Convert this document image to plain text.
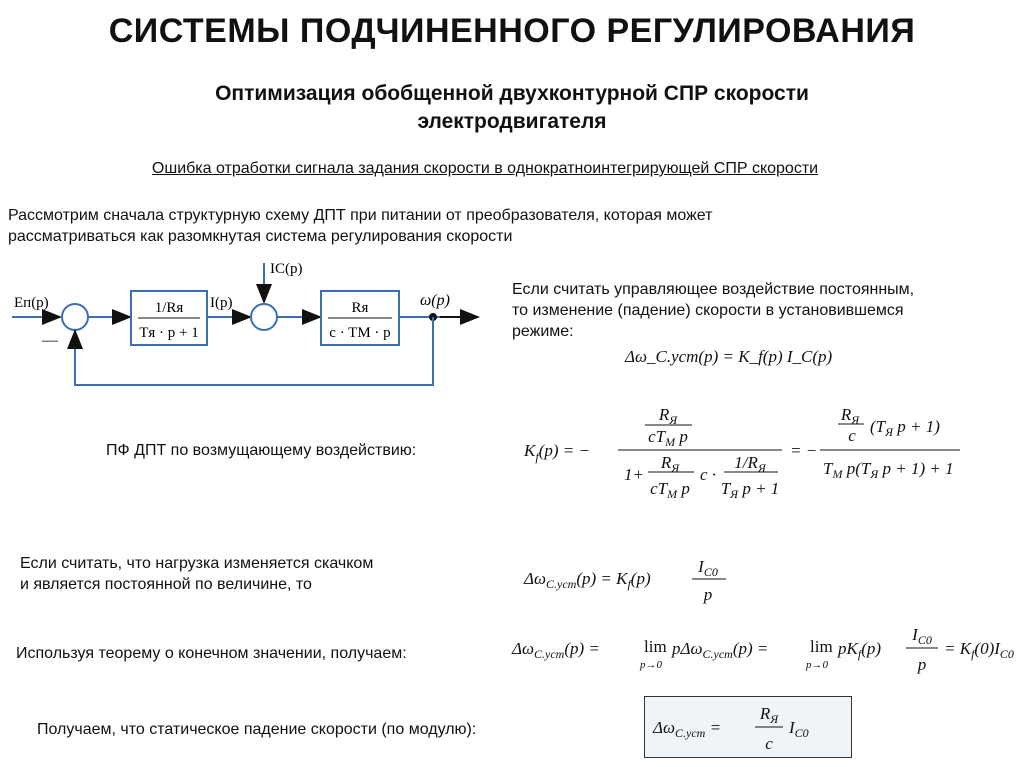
СИСТЕМЫ ПОДЧИНЕННОГО РЕГУЛИРОВАНИЯ
Оптимизация обобщенной двухконтурной СПР скорости
электродвигателя
Ошибка отработки сигнала задания скорости в однократноинтегрирующей СПР скорости
Рассмотрим сначала структурную схему ДПТ при питании от преобразователя, которая может
рассматриваться как разомкнутая система регулирования скорости
Eп(p)
—
1/Rя
Tя · p + 1
I(p)
IC(p)
Rя
c · TM · p
ω(p)
Если считать управляющее воздействие постоянным,
то изменение (падение) скорости в установившемся
режиме:
Δω_C.уст(p) = K_f(p) I_C(p)
ПФ ДПТ по возмущающему воздействию:	$K_f(p)$ = −
$R_Я$
$cT_M$ p
1+
$R_Я$
$cT_M$ p
c ·
$1/R_Я$
$T_Я$ p + 1
= −
$R_Я$
c ($T_Я$ p + 1)
$T_M$ $p(T_Я$ p + 1) + 1
Если считать, что нагрузка изменяется скачком
и является постоянной по величине, то	$\Delta\omega_{C.уст}(p) = K_f(p)$
$I_{C0}$
p
Используя теорему о конечном значении, получаем:	$\Delta\omega_{C.уст}(p)$ =	lim
p→0
pΔω$_{C.уст}$(p) = lim
p→0
$pK_f(p)$
$I_{C0}$
p
= $K_f(0)I_{C0}$
Получаем, что статическое падение скорости (по модулю):	$\Delta\omega_{C.уст}$ =
$R_Я$
c
$I_{C0}$
